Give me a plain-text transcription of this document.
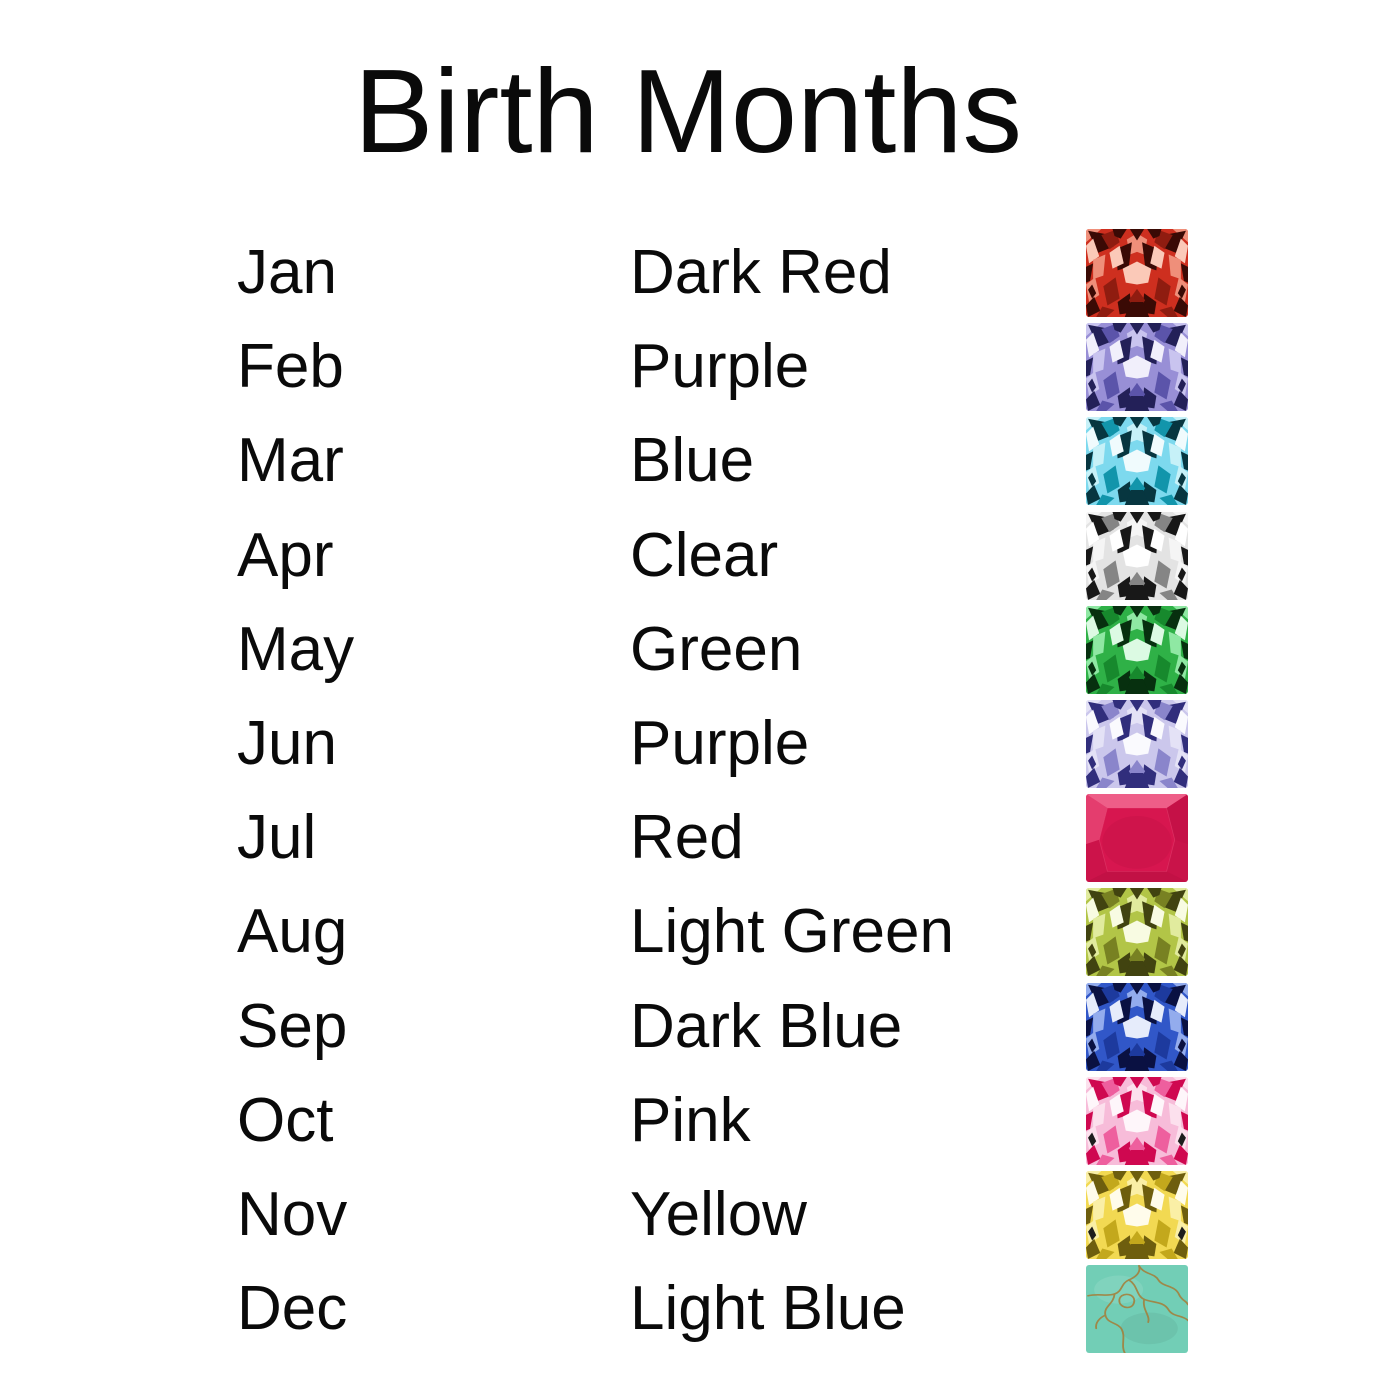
Birth Months
Jan	Dark Red
Feb	Purple
Mar	Blue
Apr	Clear
May	Green
Jun	Purple
Jul	Red
Aug	Light Green
Sep	Dark Blue
Oct	Pink
Nov	Yellow
Dec	Light Blue
